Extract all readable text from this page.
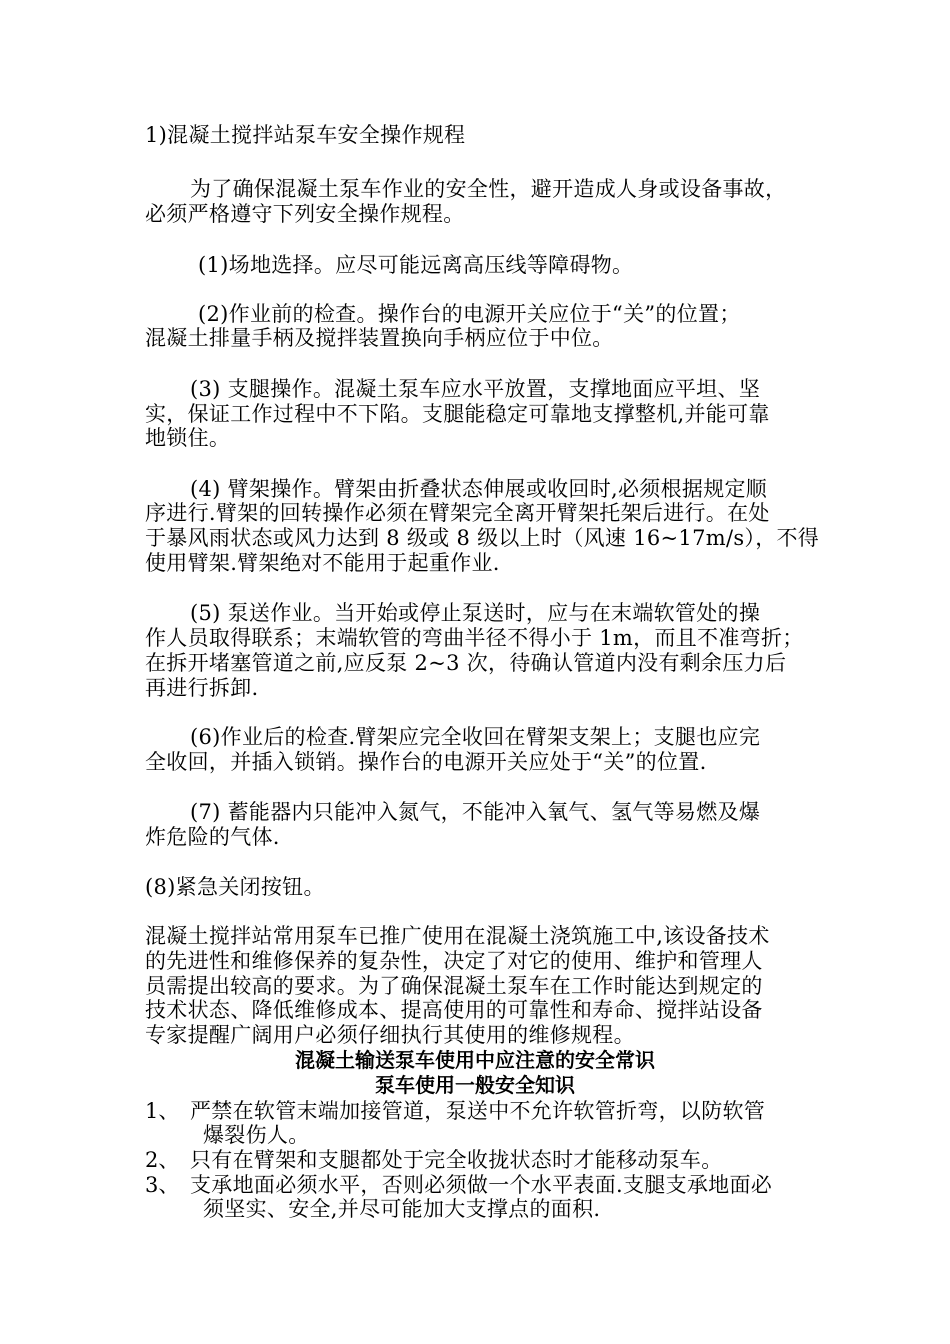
1)混凝土搅拌站泵车安全操作规程
为了确保混凝土泵车作业的安全性，避开造成人身或设备事故，
必须严格遵守下列安全操作规程。
(1)场地选择。应尽可能远离高压线等障碍物。
(2)作业前的检查。操作台的电源开关应位于“关”的位置；
混凝土排量手柄及搅拌装置换向手柄应位于中位。
(3) 支腿操作。混凝土泵车应水平放置，支撑地面应平坦、坚
实，保证工作过程中不下陷。支腿能稳定可靠地支撑整机,并能可靠
地锁住。
(4) 臂架操作。臂架由折叠状态伸展或收回时,必须根据规定顺
序进行.臂架的回转操作必须在臂架完全离开臂架托架后进行。在处
于暴风雨状态或风力达到 8 级或 8 级以上时（风速 16~17m/s），不得
使用臂架.臂架绝对不能用于起重作业.
(5) 泵送作业。当开始或停止泵送时，应与在末端软管处的操
作人员取得联系；末端软管的弯曲半径不得小于 1m，而且不准弯折；
在拆开堵塞管道之前,应反泵 2~3 次，待确认管道内没有剩余压力后
再进行拆卸.
(6)作业后的检查.臂架应完全收回在臂架支架上；支腿也应完
全收回，并插入锁销。操作台的电源开关应处于“关”的位置.
(7) 蓄能器内只能冲入氮气，不能冲入氧气、氢气等易燃及爆
炸危险的气体.
(8)紧急关闭按钮。
混凝土搅拌站常用泵车已推广使用在混凝土浇筑施工中,该设备技术
的先进性和维修保养的复杂性，决定了对它的使用、维护和管理人
员需提出较高的要求。为了确保混凝土泵车在工作时能达到规定的
技术状态、降低维修成本、提高使用的可靠性和寿命、搅拌站设备
专家提醒广阔用户必须仔细执行其使用的维修规程。
混凝土输送泵车使用中应注意的安全常识
泵车使用一般安全知识
1、 严禁在软管末端加接管道，泵送中不允许软管折弯，以防软管
爆裂伤人。
2、 只有在臂架和支腿都处于完全收拢状态时才能移动泵车。
3、 支承地面必须水平，否则必须做一个水平表面.支腿支承地面必
须坚实、安全,并尽可能加大支撑点的面积.
